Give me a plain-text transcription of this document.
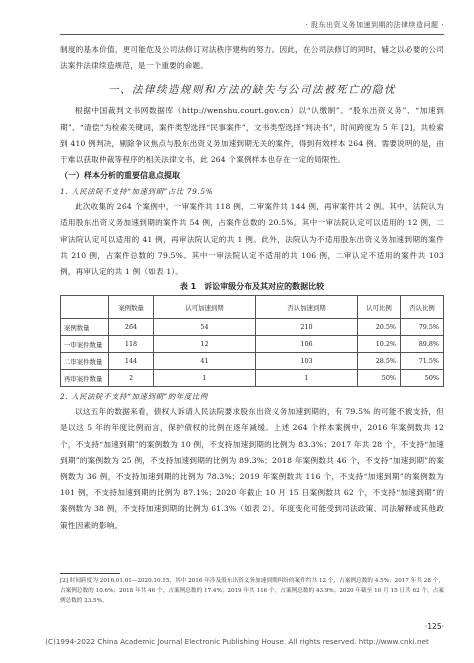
· 股东出资义务加速到期的法律续造问题 ·

制度的基本价值，更可能危及公司法修订对法秩序建构的努力。因此，在公司法修订的同时，辅之以必要的公司法案件法律续造规范，是一个重要的命题。

一、法律续造规则和方法的缺失与公司法被死亡的隐忧

根据中国裁判文书网数据库（http://wenshu.court.gov.cn）以“认缴制”、“股东出资义务”、“加速到期”、“清偿”为检索关键词，案件类型选择“民事案件”，文书类型选择“判决书”，时间跨度为 5 年 [2]，共检索到 410 例判决，剔除争议焦点与股东出资义务加速到期无关的案件，得到有效样本 264 例。需要说明的是，由于难以获取仲裁等程序的相关法律文书，此 264 个案例样本也存在一定的局限性。

（一）样本分析的重要信息点提取
1. 人民法院不支持“加速到期”占比 79.5%

此次收集的 264 个案例中，一审案件共 118 例，二审案件共 144 例，再审案件共 2 例。其中，法院认为适用股东出资义务加速到期的案件共 54 例，占案件总数的 20.5%。其中一审法院认定可以适用的 12 例，二审法院认定可以适用的 41 例，再审法院认定的共 1 例。此外，法院认为不适用股东出资义务加速到期的案件共 210 例，占案件总数的 79.5%。其中一审法院认定不适用的共 106 例，二审认定不适用的案件共 103 例，再审认定的共 1 例（如表 1）。

表 1　诉讼审级分布及其对应的数据比较
	案例数量	认可加速到期	否认加速到期	认可比例	否认比例
案例数量	264	54	210	20.5%	79.5%
一审案件数量	118	12	106	10.2%	89.8%
二审案件数量	144	41	103	28.5%	71.5%
再审案件数量	2	1	1	50%	50%
2. 人民法院不支持“加速到期”的年度比例

以这五年的数据来看，债权人诉请人民法院要求股东出资义务加速到期的，有 79.5% 的可能不被支持，但是以这 5 年的年度比例而言，保护债权的比例在逐年减缓。上述 264 个样本案例中，2016 年案例数共 12 个，不支持“加速到期”的案例数为 10 例，不支持加速到期的比例为 83.3%；2017 年共 28 个，不支持“加速到期”的案例数为 25 例，不支持加速到期的比例为 89.3%；2018 年案例数共 46 个，不支持“加速到期”的案例数为 36 例，不支持加速到期的比例为 78.3%；2019 年案例数共 116 个，不支持“加速到期”的案例数为 101 例，不支持加速到期的比例为 87.1%；2020 年截止 10 月 15 日案例数共 62 个，不支持“加速到期”的案例数为 38 例，不支持加速到期的比例为 61.3%（如表 2）。年度变化可能受到司法政策、司法解释或其他政策性因素的影响。

[2] 时间跨度为 2016.01.01—2020.10.15，其中 2016 年涉及股东出资义务加速到期纠纷的案件约共 12 个，占案例总数的 4.5%；2017 年共 28 个，占案例总数的 10.6%；2018 年共 46 个，占案例总数的 17.4%；2019 年共 116 个，占案例总数的 43.9%；2020 年截至 10 月 15 日共 62 个，占案例总数的 23.5%。
·125·
(C)1994-2022 China Academic Journal Electronic Publishing House. All rights reserved. http://www.cnki.net
